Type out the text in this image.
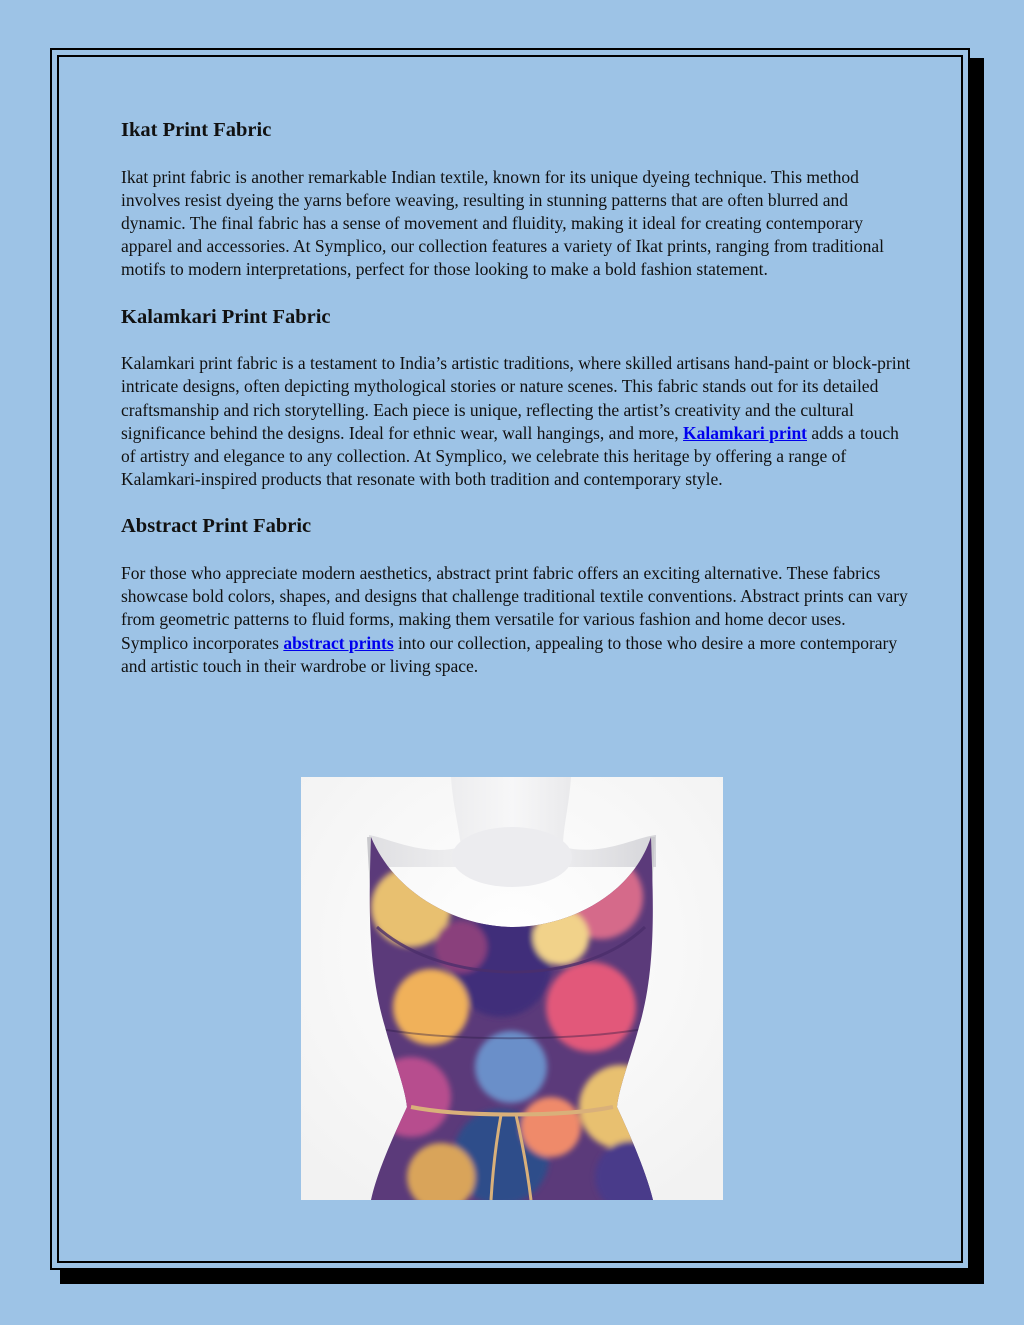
Ikat Print Fabric

Ikat print fabric is another remarkable Indian textile, known for its unique dyeing technique. This method involves resist dyeing the yarns before weaving, resulting in stunning patterns that are often blurred and dynamic. The final fabric has a sense of movement and fluidity, making it ideal for creating contemporary apparel and accessories. At Symplico, our collection features a variety of Ikat prints, ranging from traditional motifs to modern interpretations, perfect for those looking to make a bold fashion statement.

Kalamkari Print Fabric

Kalamkari print fabric is a testament to India’s artistic traditions, where skilled artisans hand-paint or block-print intricate designs, often depicting mythological stories or nature scenes. This fabric stands out for its detailed craftsmanship and rich storytelling. Each piece is unique, reflecting the artist’s creativity and the cultural significance behind the designs. Ideal for ethnic wear, wall hangings, and more, Kalamkari print adds a touch of artistry and elegance to any collection. At Symplico, we celebrate this heritage by offering a range of Kalamkari-inspired products that resonate with both tradition and contemporary style.

Abstract Print Fabric

For those who appreciate modern aesthetics, abstract print fabric offers an exciting alternative. These fabrics showcase bold colors, shapes, and designs that challenge traditional textile conventions. Abstract prints can vary from geometric patterns to fluid forms, making them versatile for various fashion and home decor uses. Symplico incorporates abstract prints into our collection, appealing to those who desire a more contemporary and artistic touch in their wardrobe or living space.
